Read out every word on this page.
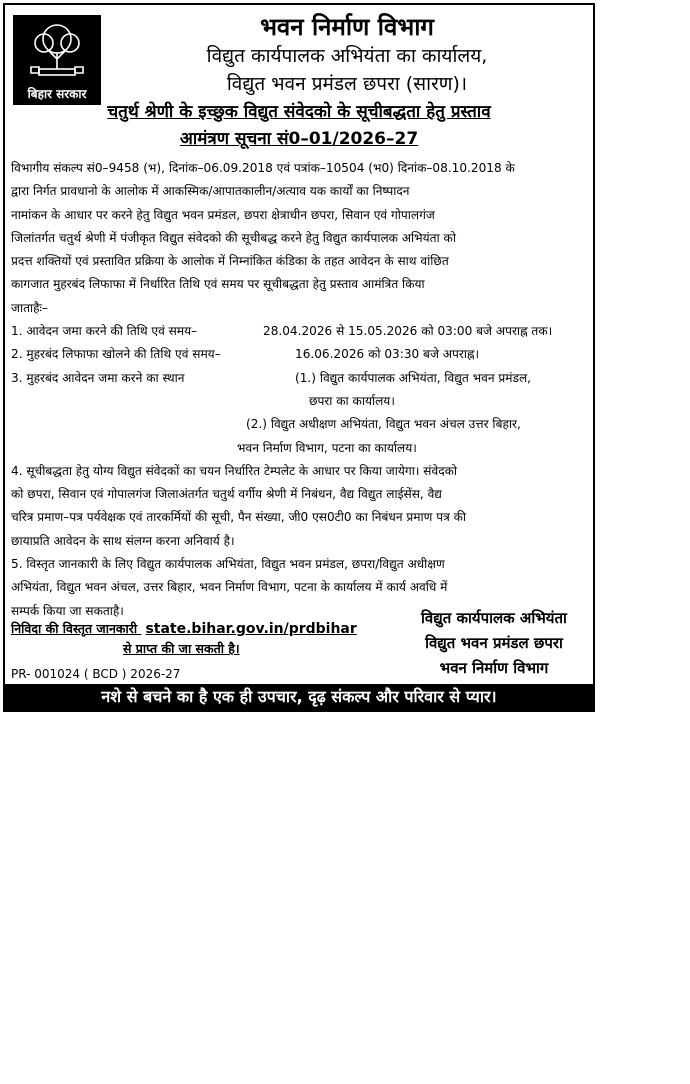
बिहार सरकार
भवन निर्माण विभाग
विद्युत कार्यपालक अभियंता का कार्यालय,
विद्युत भवन प्रमंडल छपरा (सारण)।
चतुर्थ श्रेणी के इच्छुक विद्युत संवेदको के सूचीबद्धता हेतु प्रस्ताव
आमंत्रण सूचना सं0–01/2026–27
विभागीय संकल्प सं0–9458 (भ), दिनांक–06.09.2018 एवं पत्रांक–10504 (भ0) दिनांक–08.10.2018 के
द्वारा निर्गत प्रावधानो के आलोक में आकस्मिक/आपातकालीन/अत्याव यक कार्यों का निष्पादन
नामांकन के आधार पर करने हेतु विद्युत भवन प्रमंडल, छपरा क्षेत्राधीन छपरा, सिवान एवं गोपालगंज
जिलांतर्गत चतुर्थ श्रेणी में पंजीकृत विद्युत संवेदको की सूचीबद्ध करने हेतु विद्युत कार्यपालक अभियंता को
प्रदत्त शक्तियों एवं प्रस्तावित प्रक्रिया के आलोक में निम्नांकित कंडिका के तहत आवेदन के साथ वांछित
कागजात मुहरबंद लिफाफा में निर्धारित तिथि एवं समय पर सूचीबद्धता हेतु प्रस्ताव आमंत्रित किया
जाताहैः–
1. आवेदन जमा करने की तिथि एवं समय–	28.04.2026 से 15.05.2026 को 03:00 बजे अपराह्न तक।
2. मुहरबंद लिफाफा खोलने की तिथि एवं समय–	16.06.2026 को 03:30 बजे अपराह्न।
3. मुहरबंद आवेदन जमा करने का स्थान	(1.) विद्युत कार्यपालक अभियंता, विद्युत भवन प्रमंडल,
छपरा का कार्यालय।
(2.) विद्युत अधीक्षण अभियंता, विद्युत भवन अंचल उत्तर बिहार,
भवन निर्माण विभाग, पटना का कार्यालय।
4. सूचीबद्धता हेतु योग्य विद्युत संवेदकों का चयन निर्धारित टेम्पलेट के आधार पर किया जायेगा। संवेदको
को छपरा, सिवान एवं गोपालगंज जिलाअंतर्गत चतुर्थ वर्गीय श्रेणी में निबंधन, वैद्य विद्युत लाईसेंस, वैद्य
चरित्र प्रमाण–पत्र पर्यवेक्षक एवं तारकर्मियों की सूची, पैन संख्या, जी0 एस0टी0 का निबंधन प्रमाण पत्र की
छायाप्रति आवेदन के साथ संलग्न करना अनिवार्य है।
5. विस्तृत जानकारी के लिए विद्युत कार्यपालक अभियंता, विद्युत भवन प्रमंडल, छपरा/विद्युत अधीक्षण
अभियंता, विद्युत भवन अंचल, उत्तर बिहार, भवन निर्माण विभाग, पटना के कार्यालय में कार्य अवधि में
सम्पर्क किया जा सकताहै।
निविदा की विस्तृत जानकारी state.bihar.gov.in/prdbihar
से प्राप्त की जा सकती है।
PR- 001024 ( BCD ) 2026-27
विद्युत कार्यपालक अभियंता
विद्युत भवन प्रमंडल छपरा
भवन निर्माण विभाग
नशे से बचने का है एक ही उपचार, दृढ़ संकल्प और परिवार से प्यार।
